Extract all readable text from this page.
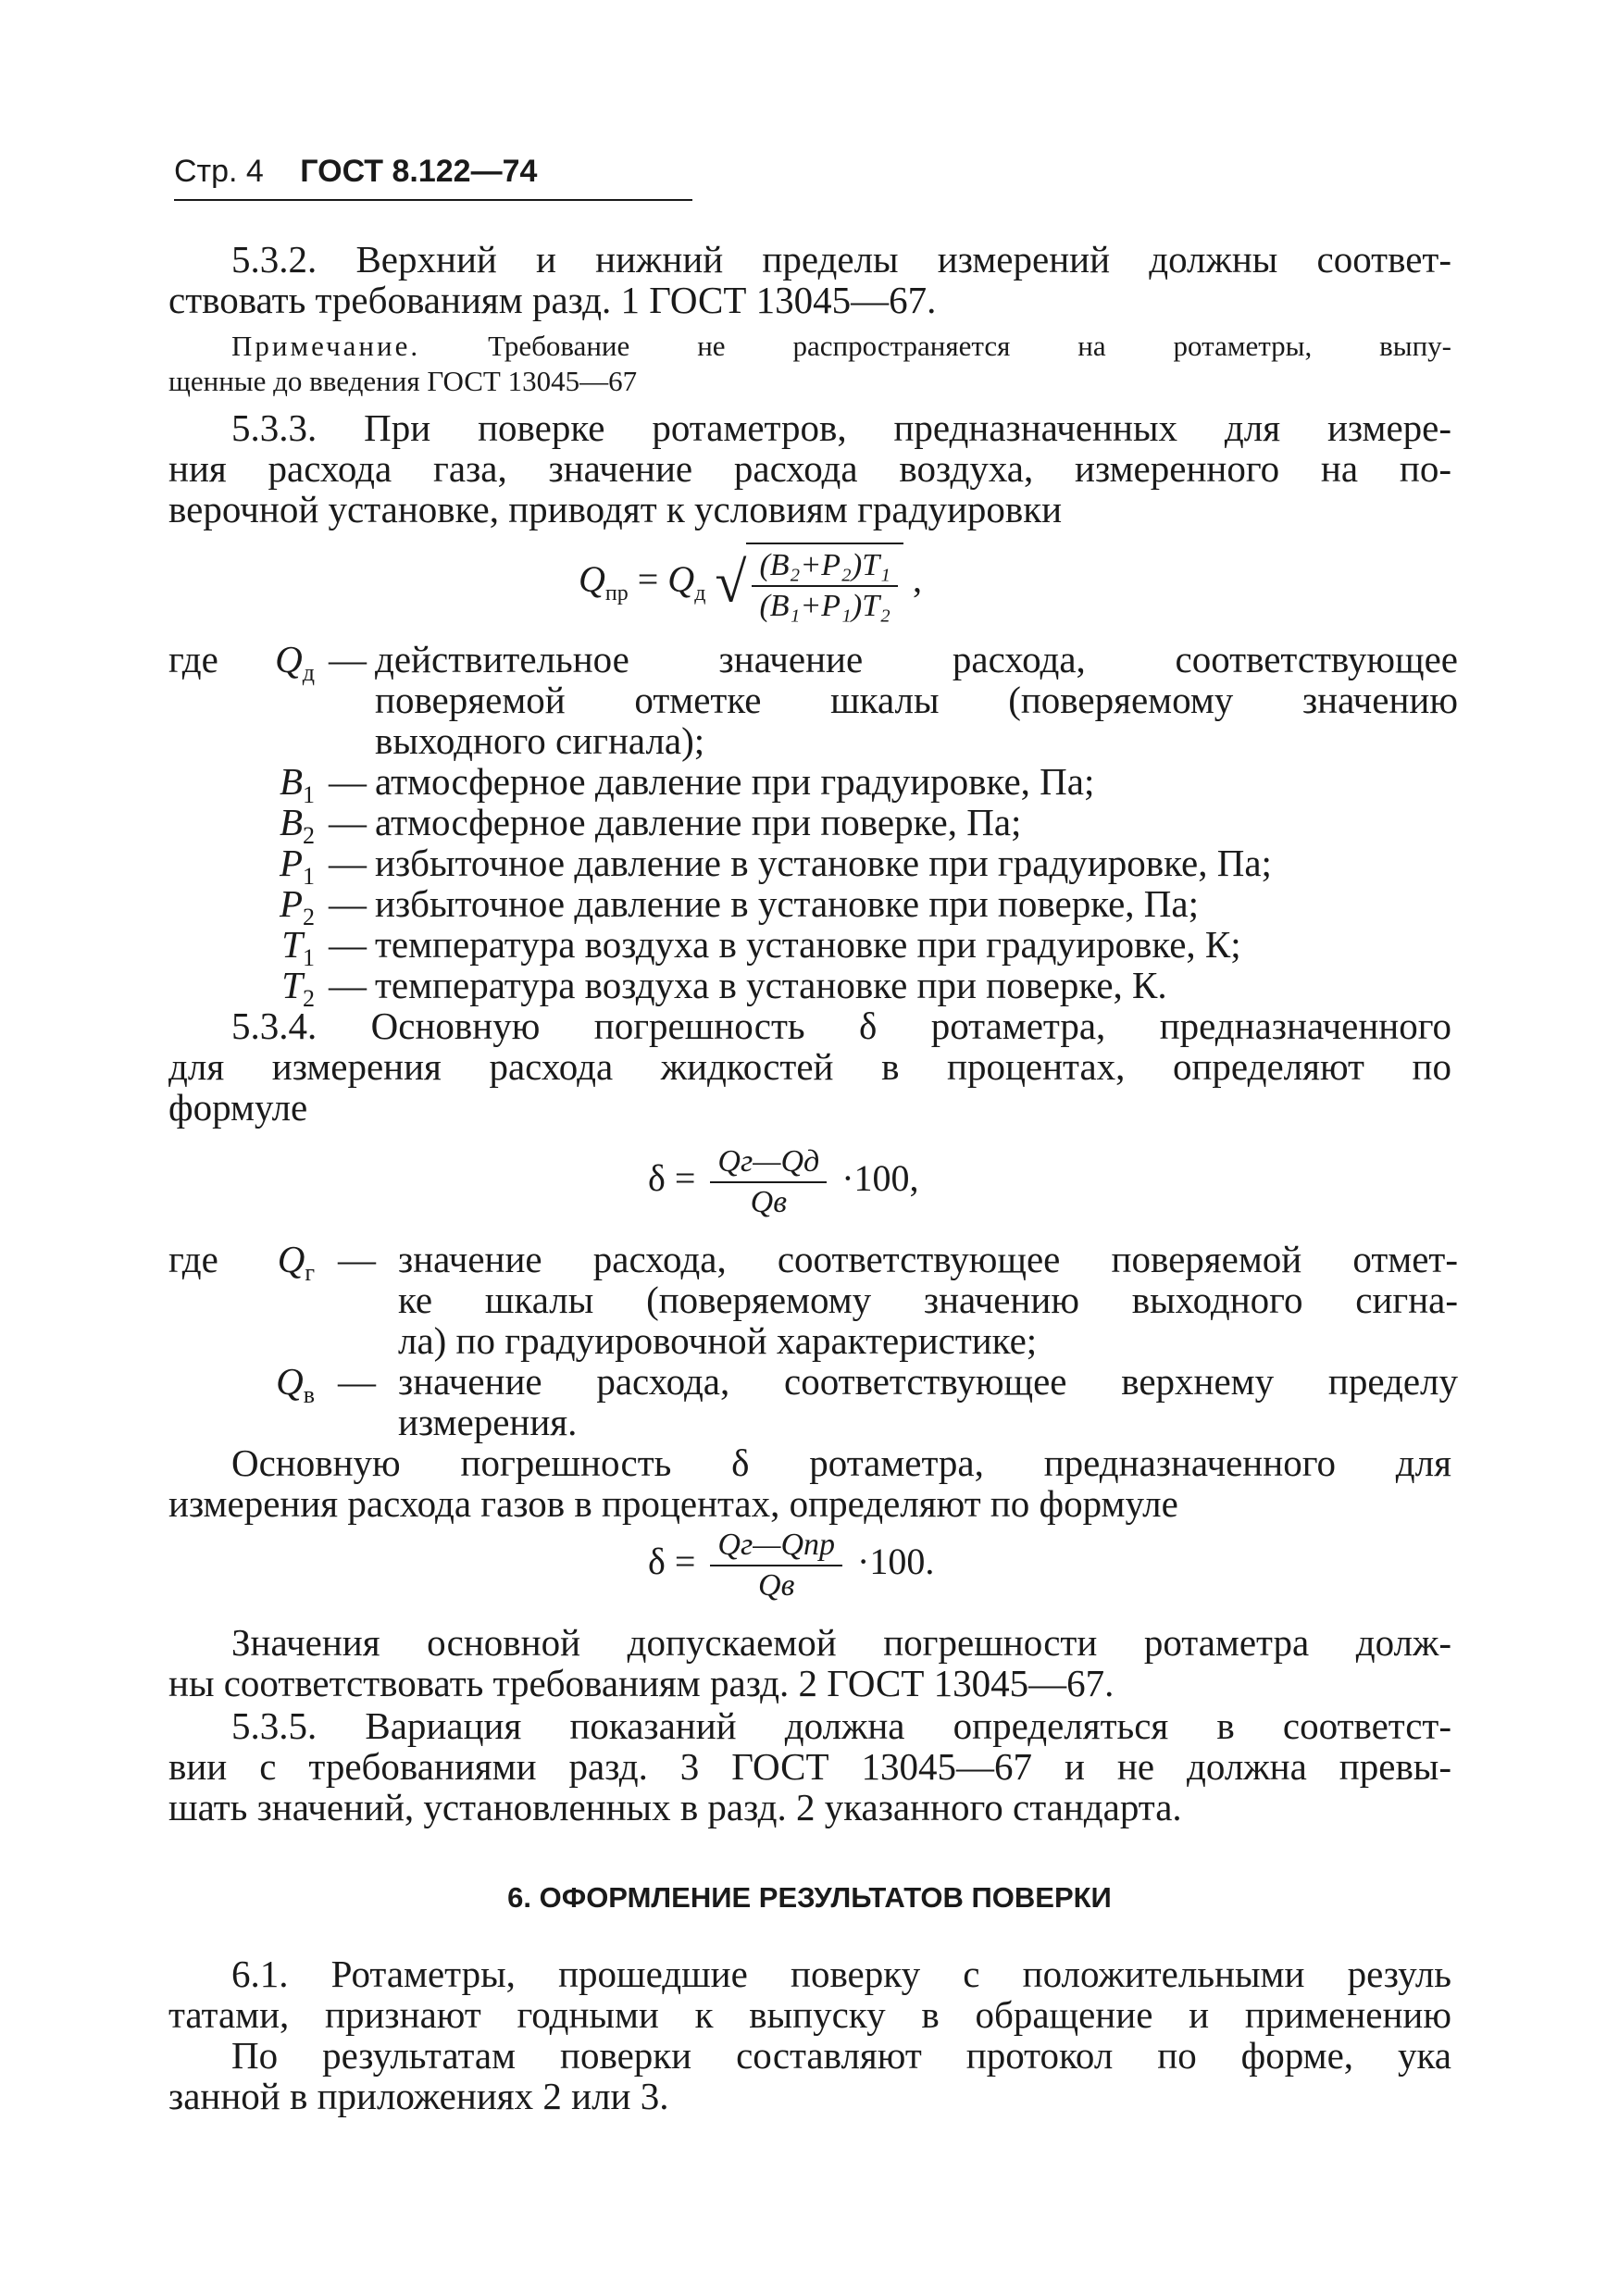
Стр. 4 ГОСТ 8.122—74
5.3.2. Верхний и нижний пределы измерений должны соответ-
ствовать требованиям разд. 1 ГОСТ 13045—67.
Примечание. Требование не распространяется на ротаметры, выпу-
щенные до введения ГОСТ 13045—67
5.3.3. При поверке ротаметров, предназначенных для измере-
ния расхода газа, значение расхода воздуха, измеренного на по-
верочной установке, приводят к условиям градуировки
$Q_{пр} = Q_д$ √ $\frac{\text{(B₂+P₂)T₁}}{\text{(B₁+P₁)T₂}}$ ,
где	$Q_д$ — действительное значение расхода, соответствующее
поверяемой отметке шкалы (поверяемому значению
выходного сигнала);
$B_1$ — атмосферное давление при градуировке, Па;
$B_2$ — атмосферное давление при поверке, Па;
$P_1$ — избыточное давление в установке при градуировке, Па;
$P_2$ — избыточное давление в установке при поверке, Па;
$T_1$ — температура воздуха в установке при градуировке, К;
$T_2$ — температура воздуха в установке при поверке, К.
5.3.4. Основную погрешность δ ротаметра, предназначенного
для измерения расхода жидкостей в процентах, определяют по
формуле
$\delta = \frac{Qг—Qд}{Qв} \cdot 100$,
где	$Q_г$ — значение расхода, соответствующее поверяемой отмет-
ке шкалы (поверяемому значению выходного сигна-
ла) по градуировочной характеристике;
$Q_в$ — значение расхода, соответствующее верхнему пределу
измерения.
Основную погрешность δ ротаметра, предназначенного для
измерения расхода газов в процентах, определяют по формуле
$\delta = \frac{\text{Qг—Qпр}}{Qв} \cdot 100$.
Значения основной допускаемой погрешности ротаметра долж-
ны соответствовать требованиям разд. 2 ГОСТ 13045—67.
5.3.5. Вариация показаний должна определяться в соответст-
вии с требованиями разд. 3 ГОСТ 13045—67 и не должна превы-
шать значений, установленных в разд. 2 указанного стандарта.
6. ОФОРМЛЕНИЕ РЕЗУЛЬТАТОВ ПОВЕРКИ
6.1. Ротаметры, прошедшие поверку с положительными резуль
татами, признают годными к выпуску в обращение и применению
По результатам поверки составляют протокол по форме, ука
занной в приложениях 2 или 3.
